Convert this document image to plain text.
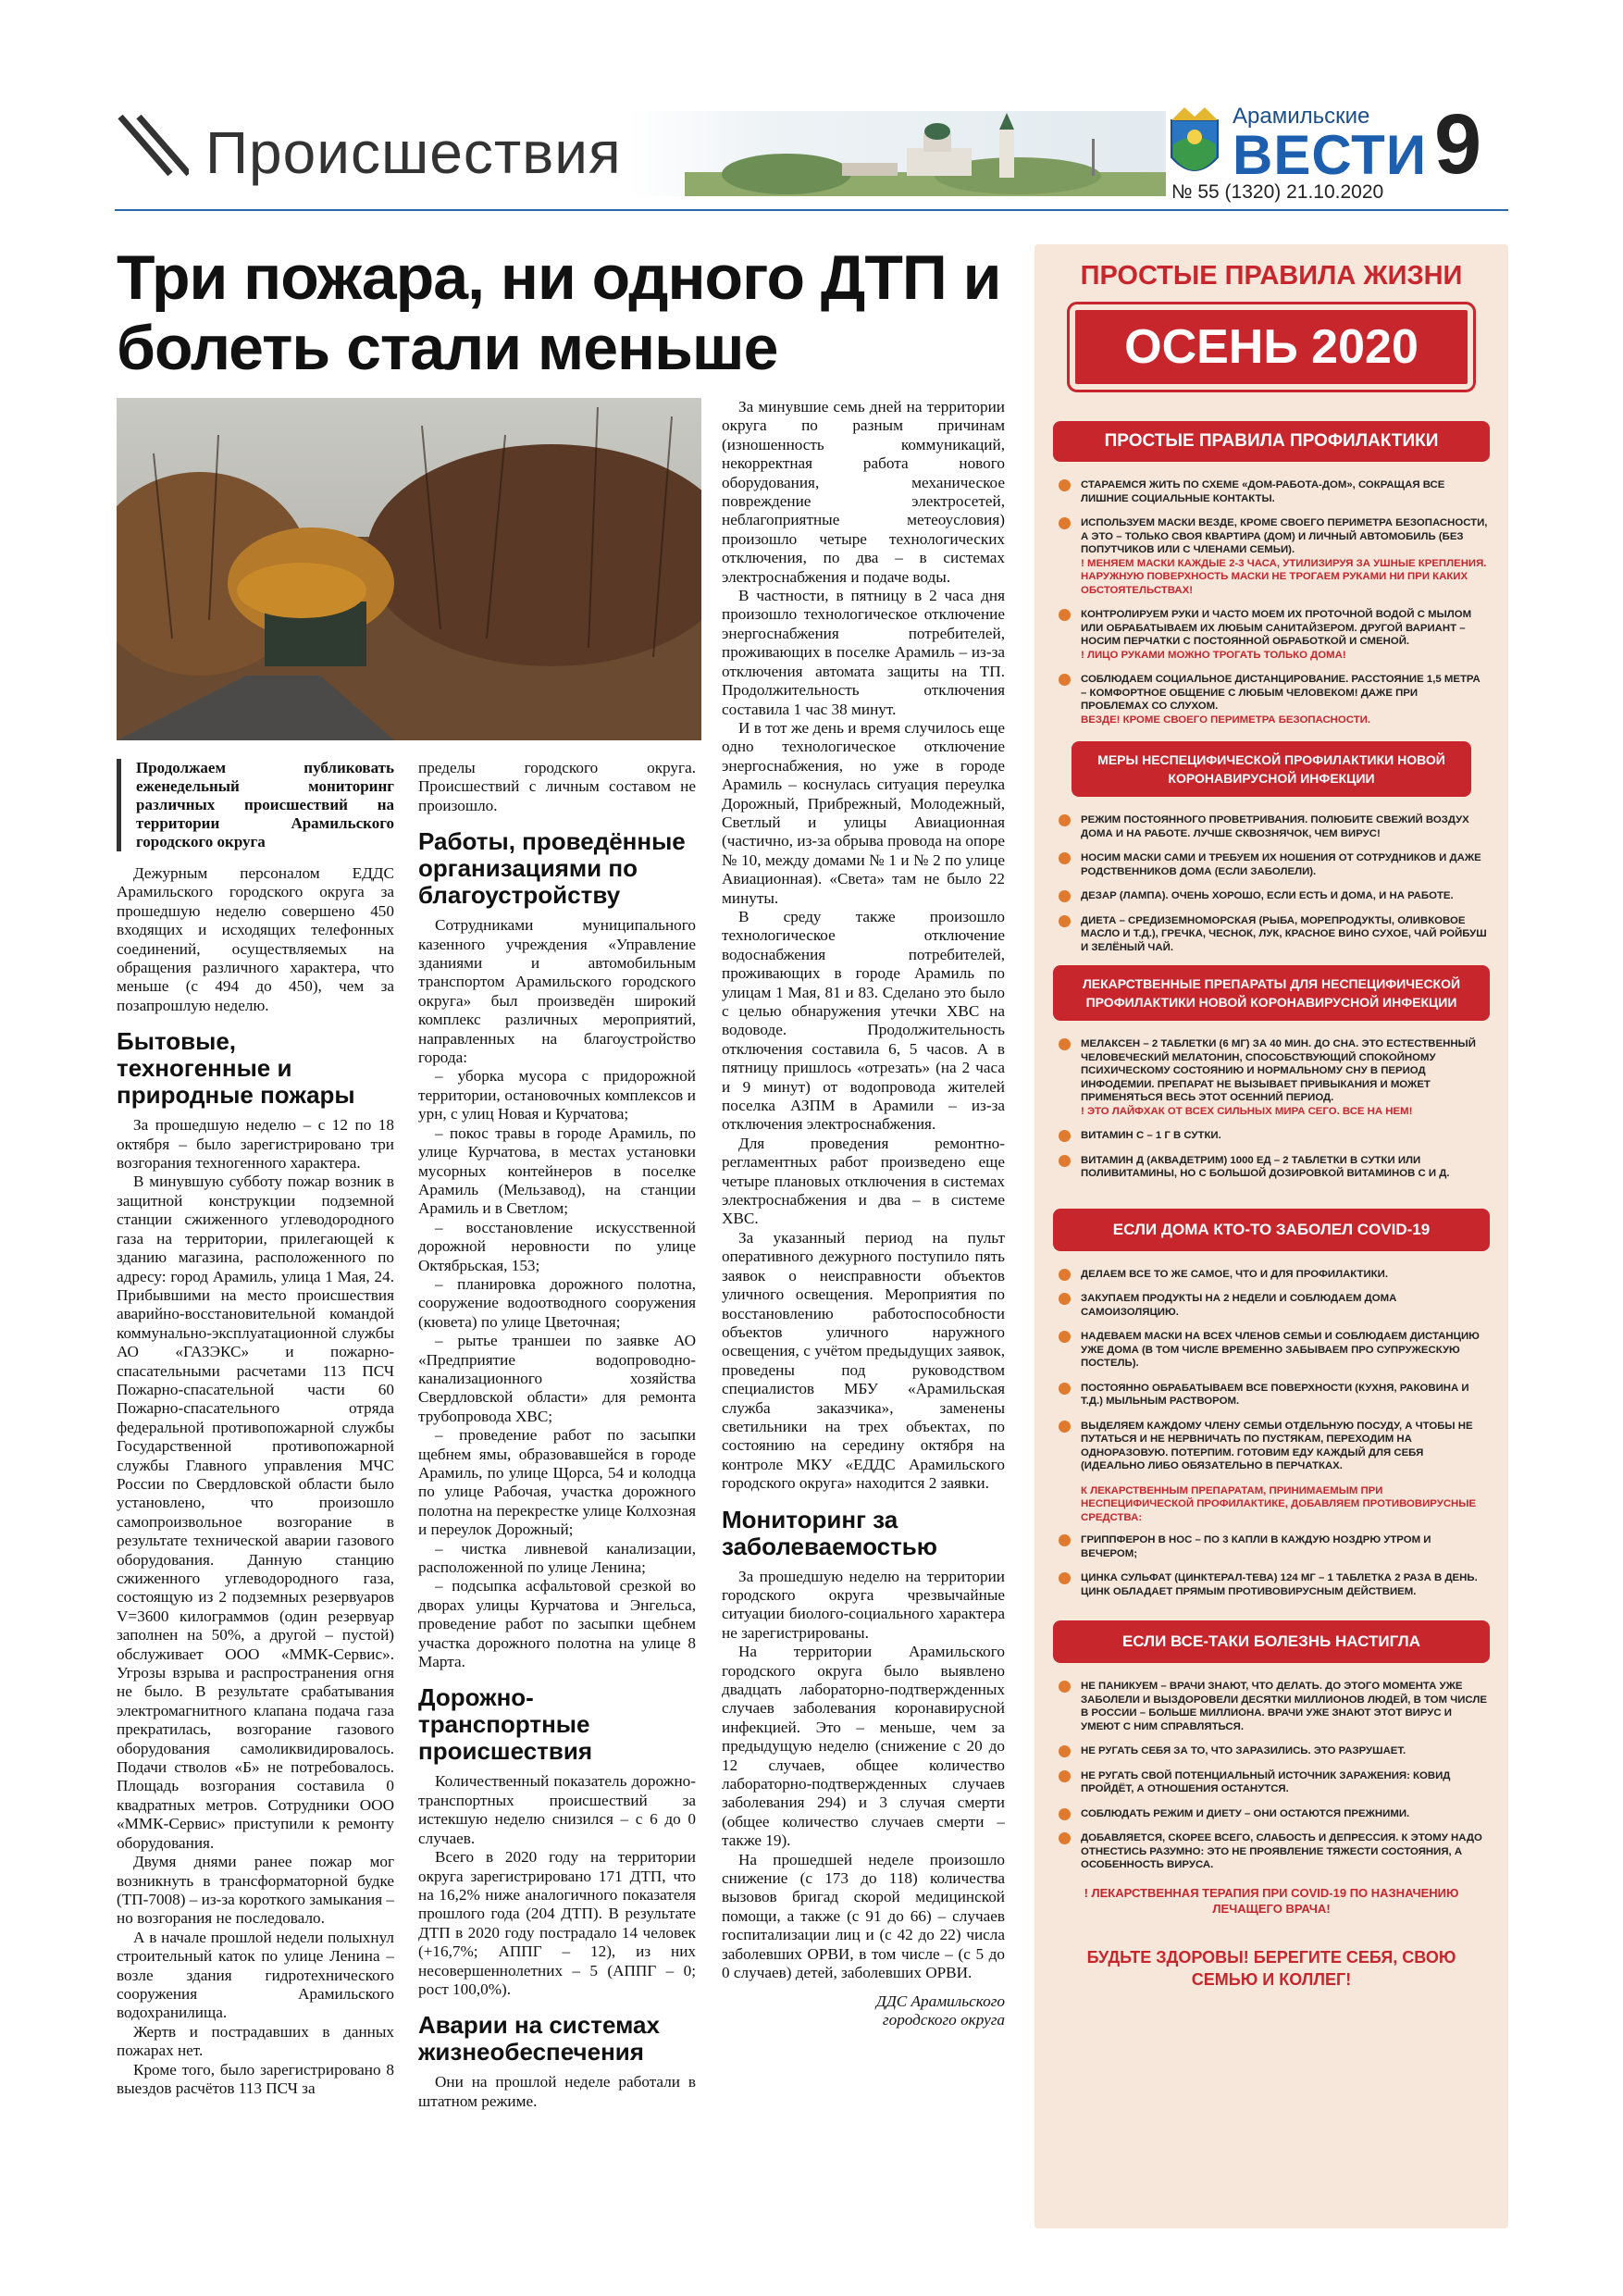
Происшествия
Арамильские
ВЕСТИ
№ 55 (1320) 21.10.2020
9
Три пожара, ни одного ДТП и болеть стали меньше
Продолжаем публиковать еженедельный мониторинг различных происшествий на территории Арамильского городского округа

Дежурным персоналом ЕДДС Арамильского городского округа за прошедшую неделю совершено 450 входящих и исходящих телефонных соединений, осуществляемых на обращения различного характера, что меньше (с 494 до 450), чем за позапрошлую неделю.

Бытовые, техногенные и природные пожары

За прошедшую неделю – с 12 по 18 октября – было зарегистрировано три возгорания техногенного характера.

В минувшую субботу пожар возник в защитной конструкции подземной станции сжиженного углеводородного газа на территории, прилегающей к зданию магазина, расположенного по адресу: город Арамиль, улица 1 Мая, 24. Прибывшими на место происшествия аварийно-восстановительной командой коммунально-эксплуатационной службы АО «ГАЗЭКС» и пожарно-спасательными расчетами 113 ПСЧ Пожарно-спасательной части 60 Пожарно-спасательного отряда федеральной противопожарной службы Государственной противопожарной службы Главного управления МЧС России по Свердловской области было установлено, что произошло самопроизвольное возгорание в результате технической аварии газового оборудования. Данную станцию сжиженного углеводородного газа, состоящую из 2 подземных резервуаров V=3600 килограммов (один резервуар заполнен на 50%, а другой – пустой) обслуживает ООО «ММК-Сервис». Угрозы взрыва и распространения огня не было. В результате срабатывания электромагнитного клапана подача газа прекратилась, возгорание газового оборудования самоликвидировалось. Подачи стволов «Б» не потребовалось. Площадь возгорания составила 0 квадратных метров. Сотрудники ООО «ММК-Сервис» приступили к ремонту оборудования.

Двумя днями ранее пожар мог возникнуть в трансформаторной будке (ТП-7008) – из-за короткого замыкания – но возгорания не последовало.

А в начале прошлой недели полыхнул строительный каток по улице Ленина – возле здания гидротехнического сооружения Арамильского водохранилища.

Жертв и пострадавших в данных пожарах нет.

Кроме того, было зарегистрировано 8 выездов расчётов 113 ПСЧ за

пределы городского округа. Происшествий с личным составом не произошло.

Работы, проведённые организациями по благоустройству

Сотрудниками муниципального казенного учреждения «Управление зданиями и автомобильным транспортом Арамильского городского округа» был произведён широкий комплекс различных мероприятий, направленных на благоустройство города:

– уборка мусора с придорожной территории, остановочных комплексов и урн, с улиц Новая и Курчатова;

– покос травы в городе Арамиль, по улице Курчатова, в местах установки мусорных контейнеров в поселке Арамиль (Мельзавод), на станции Арамиль и в Светлом;

– восстановление искусственной дорожной неровности по улице Октябрьская, 153;

– планировка дорожного полотна, сооружение водоотводного сооружения (кювета) по улице Цветочная;

– рытье траншеи по заявке АО «Предприятие водопроводно-канализационного хозяйства Свердловской области» для ремонта трубопровода ХВС;

– проведение работ по засыпки щебнем ямы, образовавшейся в городе Арамиль, по улице Щорса, 54 и колодца по улице Рабочая, участка дорожного полотна на перекрестке улице Колхозная и переулок Дорожный;

– чистка ливневой канализации, расположенной по улице Ленина;

– подсыпка асфальтовой срезкой во дворах улицы Курчатова и Энгельса, проведение работ по засыпки щебнем участка дорожного полотна на улице 8 Марта.

Дорожно-транспортные происшествия

Количественный показатель дорожно-транспортных происшествий за истекшую неделю снизился – с 6 до 0 случаев.

Всего в 2020 году на территории округа зарегистрировано 171 ДТП, что на 16,2% ниже аналогичного показателя прошлого года (204 ДТП). В результате ДТП в 2020 году пострадало 14 человек (+16,7%; АППГ – 12), из них несовершеннолетних – 5 (АППГ – 0; рост 100,0%).

Аварии на системах жизнеобеспечения

Они на прошлой неделе работали в штатном режиме.

За минувшие семь дней на территории округа по разным причинам (изношенность коммуникаций, некорректная работа нового оборудования, механическое повреждение электросетей, неблагоприятные метеоусловия) произошло четыре технологических отключения, по два – в системах электроснабжения и подаче воды.

В частности, в пятницу в 2 часа дня произошло технологическое отключение энергоснабжения потребителей, проживающих в поселке Арамиль – из-за отключения автомата защиты на ТП. Продолжительность отключения составила 1 час 38 минут.

И в тот же день и время случилось еще одно технологическое отключение энергоснабжения, но уже в городе Арамиль – коснулась ситуация переулка Дорожный, Прибрежный, Молодежный, Светлый и улицы Авиационная (частично, из-за обрыва провода на опоре № 10, между домами № 1 и № 2 по улице Авиационная). «Света» там не было 22 минуты.

В среду также произошло технологическое отключение водоснабжения потребителей, проживающих в городе Арамиль по улицам 1 Мая, 81 и 83. Сделано это было с целью обнаружения утечки ХВС на водоводе. Продолжительность отключения составила 6, 5 часов. А в пятницу пришлось «отрезать» (на 2 часа и 9 минут) от водопровода жителей поселка АЗПМ в Арамили – из-за отключения электроснабжения.

Для проведения ремонтно-регламентных работ произведено еще четыре плановых отключения в системах электроснабжения и два – в системе ХВС.

За указанный период на пульт оперативного дежурного поступило пять заявок о неисправности объектов уличного освещения. Мероприятия по восстановлению работоспособности объектов уличного наружного освещения, с учётом предыдущих заявок, проведены под руководством специалистов МБУ «Арамильская служба заказчика», заменены светильники на трех объектах, по состоянию на середину октября на контроле МКУ «ЕДДС Арамильского городского округа» находится 2 заявки.

Мониторинг за заболеваемостью

За прошедшую неделю на территории городского округа чрезвычайные ситуации биолого-социального характера не зарегистрированы.

На территории Арамильского городского округа было выявлено двадцать лабораторно-подтвержденных случаев заболевания коронавирусной инфекцией. Это – меньше, чем за предыдущую неделю (снижение с 20 до 12 случаев, общее количество лабораторно-подтвержденных случаев заболевания 294) и 3 случая смерти (общее количество случаев смерти – также 19).

На прошедшей неделе произошло снижение (с 173 до 118) количества вызовов бригад скорой медицинской помощи, а также (с 91 до 66) – случаев госпитализации лиц и (с 42 до 22) числа заболевших ОРВИ, в том числе – (с 5 до 0 случаев) детей, заболевших ОРВИ.

ДДС Арамильского городского округа

ПРОСТЫЕ ПРАВИЛА ЖИЗНИ
ОСЕНЬ 2020
ПРОСТЫЕ ПРАВИЛА ПРОФИЛАКТИКИ
СТАРАЕМСЯ ЖИТЬ ПО СХЕМЕ «ДОМ-РАБОТА-ДОМ», СОКРАЩАЯ ВСЕ ЛИШНИЕ СОЦИАЛЬНЫЕ КОНТАКТЫ.
ИСПОЛЬЗУЕМ МАСКИ ВЕЗДЕ, КРОМЕ СВОЕГО ПЕРИМЕТРА БЕЗОПАСНОСТИ, А ЭТО – ТОЛЬКО СВОЯ КВАРТИРА (ДОМ) И ЛИЧНЫЙ АВТОМОБИЛЬ (БЕЗ ПОПУТЧИКОВ ИЛИ С ЧЛЕНАМИ СЕМЬИ).
! МЕНЯЕМ МАСКИ КАЖДЫЕ 2-3 ЧАСА, УТИЛИЗИРУЯ ЗА УШНЫЕ КРЕПЛЕНИЯ. НАРУЖНУЮ ПОВЕРХНОСТЬ МАСКИ НЕ ТРОГАЕМ РУКАМИ НИ ПРИ КАКИХ ОБСТОЯТЕЛЬСТВАХ!
КОНТРОЛИРУЕМ РУКИ И ЧАСТО МОЕМ ИХ ПРОТОЧНОЙ ВОДОЙ С МЫЛОМ ИЛИ ОБРАБАТЫВАЕМ ИХ ЛЮБЫМ САНИТАЙЗЕРОМ. ДРУГОЙ ВАРИАНТ – НОСИМ ПЕРЧАТКИ С ПОСТОЯННОЙ ОБРАБОТКОЙ И СМЕНОЙ.
! ЛИЦО РУКАМИ МОЖНО ТРОГАТЬ ТОЛЬКО ДОМА!
СОБЛЮДАЕМ СОЦИАЛЬНОЕ ДИСТАНЦИРОВАНИЕ. РАССТОЯНИЕ 1,5 МЕТРА – КОМФОРТНОЕ ОБЩЕНИЕ С ЛЮБЫМ ЧЕЛОВЕКОМ! ДАЖЕ ПРИ ПРОБЛЕМАХ СО СЛУХОМ.
ВЕЗДЕ! КРОМЕ СВОЕГО ПЕРИМЕТРА БЕЗОПАСНОСТИ.
МЕРЫ НЕСПЕЦИФИЧЕСКОЙ ПРОФИЛАКТИКИ НОВОЙ КОРОНАВИРУСНОЙ ИНФЕКЦИИ
РЕЖИМ ПОСТОЯННОГО ПРОВЕТРИВАНИЯ. ПОЛЮБИТЕ СВЕЖИЙ ВОЗДУХ ДОМА И НА РАБОТЕ. ЛУЧШЕ СКВОЗНЯЧОК, ЧЕМ ВИРУС!
НОСИМ МАСКИ САМИ И ТРЕБУЕМ ИХ НОШЕНИЯ ОТ СОТРУДНИКОВ И ДАЖЕ РОДСТВЕННИКОВ ДОМА (ЕСЛИ ЗАБОЛЕЛИ).
ДЕЗАР (ЛАМПА). ОЧЕНЬ ХОРОШО, ЕСЛИ ЕСТЬ И ДОМА, И НА РАБОТЕ.
ДИЕТА – СРЕДИЗЕМНОМОРСКАЯ (РЫБА, МОРЕПРОДУКТЫ, ОЛИВКОВОЕ МАСЛО И Т.Д.), ГРЕЧКА, ЧЕСНОК, ЛУК, КРАСНОЕ ВИНО СУХОЕ, ЧАЙ РОЙБУШ И ЗЕЛЁНЫЙ ЧАЙ.
ЛЕКАРСТВЕННЫЕ ПРЕПАРАТЫ ДЛЯ НЕСПЕЦИФИЧЕСКОЙ ПРОФИЛАКТИКИ НОВОЙ КОРОНАВИРУСНОЙ ИНФЕКЦИИ
МЕЛАКСЕН – 2 ТАБЛЕТКИ (6 МГ) ЗА 40 МИН. ДО СНА. ЭТО ЕСТЕСТВЕННЫЙ ЧЕЛОВЕЧЕСКИЙ МЕЛАТОНИН, СПОСОБСТВУЮЩИЙ СПОКОЙНОМУ ПСИХИЧЕСКОМУ СОСТОЯНИЮ И НОРМАЛЬНОМУ СНУ В ПЕРИОД ИНФОДЕМИИ. ПРЕПАРАТ НЕ ВЫЗЫВАЕТ ПРИВЫКАНИЯ И МОЖЕТ ПРИМЕНЯТЬСЯ ВЕСЬ ЭТОТ ОСЕННИЙ ПЕРИОД.
! ЭТО ЛАЙФХАК ОТ ВСЕХ СИЛЬНЫХ МИРА СЕГО. ВСЕ НА НЕМ!
ВИТАМИН С – 1 Г В СУТКИ.
ВИТАМИН Д (АКВАДЕТРИМ) 1000 ЕД – 2 ТАБЛЕТКИ В СУТКИ ИЛИ ПОЛИВИТАМИНЫ, НО С БОЛЬШОЙ ДОЗИРОВКОЙ ВИТАМИНОВ С И Д.
ЕСЛИ ДОМА КТО-ТО ЗАБОЛЕЛ COVID-19
ДЕЛАЕМ ВСЕ ТО ЖЕ САМОЕ, ЧТО И ДЛЯ ПРОФИЛАКТИКИ.
ЗАКУПАЕМ ПРОДУКТЫ НА 2 НЕДЕЛИ И СОБЛЮДАЕМ ДОМА САМОИЗОЛЯЦИЮ.
НАДЕВАЕМ МАСКИ НА ВСЕХ ЧЛЕНОВ СЕМЬИ И СОБЛЮДАЕМ ДИСТАНЦИЮ УЖЕ ДОМА (В ТОМ ЧИСЛЕ ВРЕМЕННО ЗАБЫВАЕМ ПРО СУПРУЖЕСКУЮ ПОСТЕЛЬ).
ПОСТОЯННО ОБРАБАТЫВАЕМ ВСЕ ПОВЕРХНОСТИ (КУХНЯ, РАКОВИНА И Т.Д.) МЫЛЬНЫМ РАСТВОРОМ.
ВЫДЕЛЯЕМ КАЖДОМУ ЧЛЕНУ СЕМЬИ ОТДЕЛЬНУЮ ПОСУДУ, А ЧТОБЫ НЕ ПУТАТЬСЯ И НЕ НЕРВНИЧАТЬ ПО ПУСТЯКАМ, ПЕРЕХОДИМ НА ОДНОРАЗОВУЮ. ПОТЕРПИМ. ГОТОВИМ ЕДУ КАЖДЫЙ ДЛЯ СЕБЯ (ИДЕАЛЬНО ЛИБО ОБЯЗАТЕЛЬНО В ПЕРЧАТКАХ.
К ЛЕКАРСТВЕННЫМ ПРЕПАРАТАМ, ПРИНИМАЕМЫМ ПРИ НЕСПЕЦИФИЧЕСКОЙ ПРОФИЛАКТИКЕ, ДОБАВЛЯЕМ ПРОТИВОВИРУСНЫЕ СРЕДСТВА:
ГРИППФЕРОН В НОС – ПО 3 КАПЛИ В КАЖДУЮ НОЗДРЮ УТРОМ И ВЕЧЕРОМ;
ЦИНКА СУЛЬФАТ (ЦИНКТЕРАЛ-ТЕВА) 124 МГ – 1 ТАБЛЕТКА 2 РАЗА В ДЕНЬ. ЦИНК ОБЛАДАЕТ ПРЯМЫМ ПРОТИВОВИРУСНЫМ ДЕЙСТВИЕМ.
ЕСЛИ ВСЕ-ТАКИ БОЛЕЗНЬ НАСТИГЛА
НЕ ПАНИКУЕМ – ВРАЧИ ЗНАЮТ, ЧТО ДЕЛАТЬ. ДО ЭТОГО МОМЕНТА УЖЕ ЗАБОЛЕЛИ И ВЫЗДОРОВЕЛИ ДЕСЯТКИ МИЛЛИОНОВ ЛЮДЕЙ, В ТОМ ЧИСЛЕ В РОССИИ – БОЛЬШЕ МИЛЛИОНА. ВРАЧИ УЖЕ ЗНАЮТ ЭТОТ ВИРУС И УМЕЮТ С НИМ СПРАВЛЯТЬСЯ.
НЕ РУГАТЬ СЕБЯ ЗА ТО, ЧТО ЗАРАЗИЛИСЬ. ЭТО РАЗРУШАЕТ.
НЕ РУГАТЬ СВОЙ ПОТЕНЦИАЛЬНЫЙ ИСТОЧНИК ЗАРАЖЕНИЯ: КОВИД ПРОЙДЁТ, А ОТНОШЕНИЯ ОСТАНУТСЯ.
СОБЛЮДАТЬ РЕЖИМ И ДИЕТУ – ОНИ ОСТАЮТСЯ ПРЕЖНИМИ.
ДОБАВЛЯЕТСЯ, СКОРЕЕ ВСЕГО, СЛАБОСТЬ И ДЕПРЕССИЯ. К ЭТОМУ НАДО ОТНЕСТИСЬ РАЗУМНО: ЭТО НЕ ПРОЯВЛЕНИЕ ТЯЖЕСТИ СОСТОЯНИЯ, А ОСОБЕННОСТЬ ВИРУСА.
! ЛЕКАРСТВЕННАЯ ТЕРАПИЯ ПРИ COVID-19 ПО НАЗНАЧЕНИЮ ЛЕЧАЩЕГО ВРАЧА!
БУДЬТЕ ЗДОРОВЫ! БЕРЕГИТЕ СЕБЯ, СВОЮ СЕМЬЮ И КОЛЛЕГ!
